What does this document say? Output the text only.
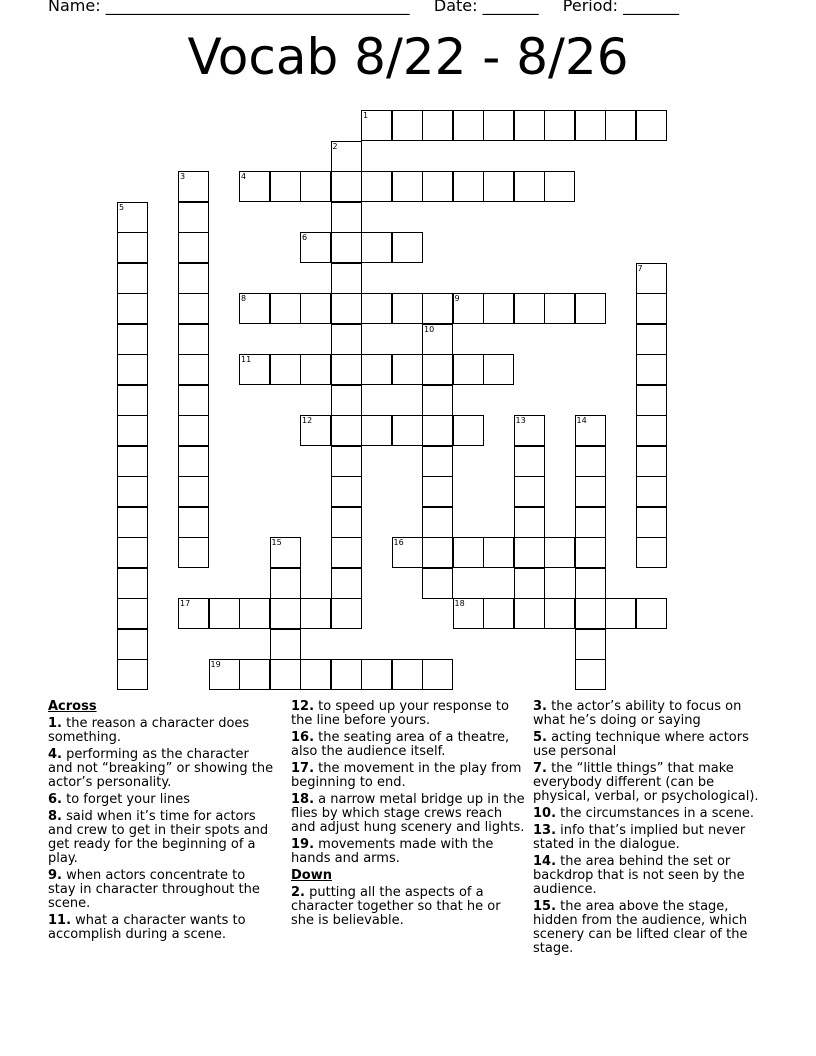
Name: ______________________________________ Date: _______ Period: _______
Vocab 8/22 - 8/26
1
2
3	4
5
6
7
8	9
10
11
12	13	14
15	16
17	18
19
Across
1. the reason a character does something.
4. performing as the character and not “breaking” or showing the actor’s personality.
6. to forget your lines
8. said when it’s time for actors and crew to get in their spots and get ready for the beginning of a play.
9. when actors concentrate to stay in character throughout the scene.
11. what a character wants to accomplish during a scene.
12. to speed up your response to the line before yours.
16. the seating area of a theatre, also the audience itself.
17. the movement in the play from beginning to end.
18. a narrow metal bridge up in the flies by which stage crews reach and adjust hung scenery and lights.
19. movements made with the hands and arms.
Down
2. putting all the aspects of a character together so that he or she is believable.
3. the actor’s ability to focus on what he’s doing or saying
5. acting technique where actors use personal
7. the “little things” that make everybody different (can be physical, verbal, or psychological).
10. the circumstances in a scene.
13. info that’s implied but never stated in the dialogue.
14. the area behind the set or backdrop that is not seen by the audience.
15. the area above the stage, hidden from the audience, which scenery can be lifted clear of the stage.
